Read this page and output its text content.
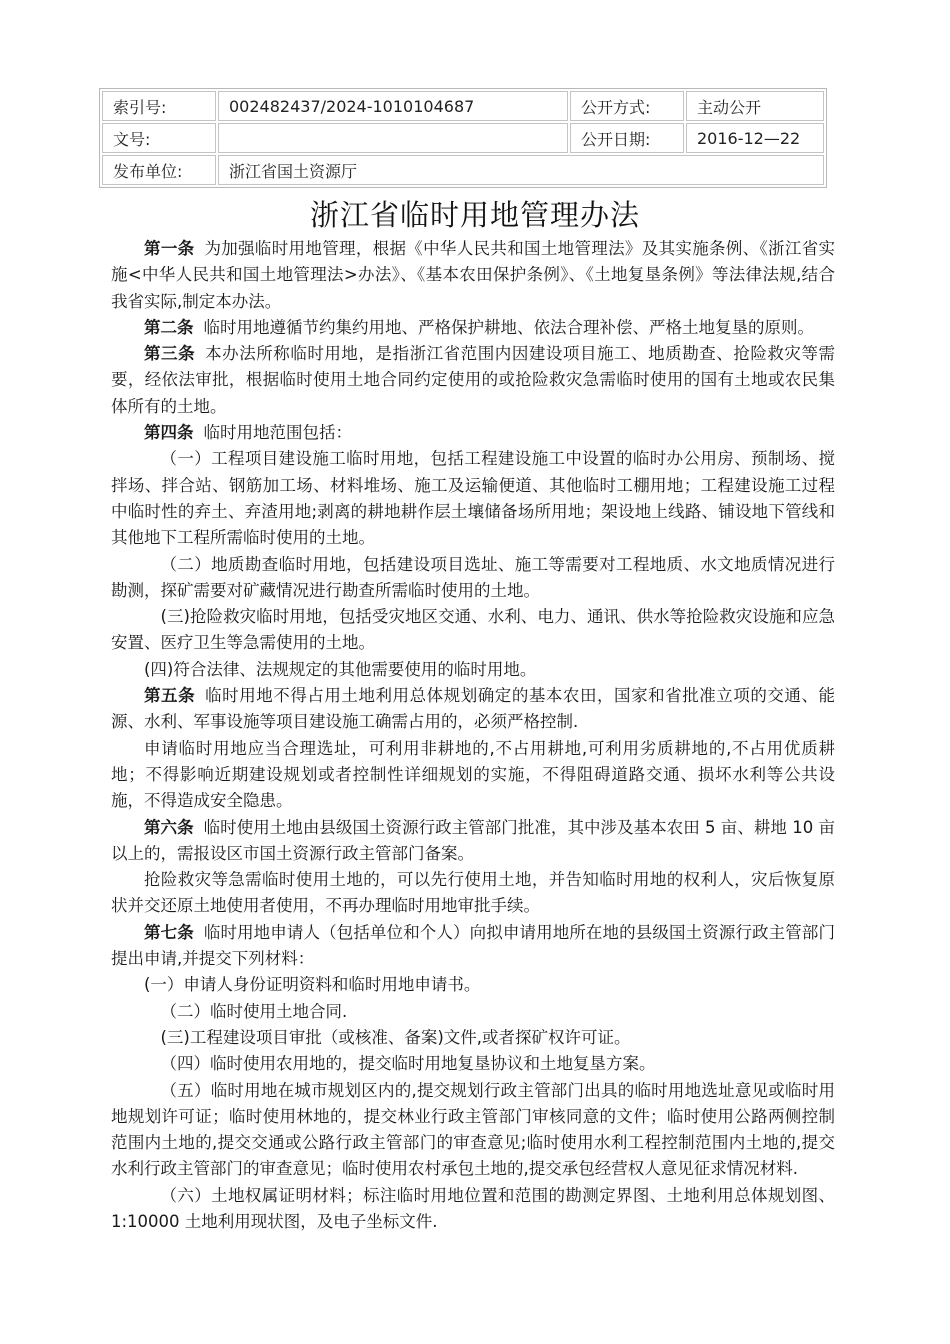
索引号:	002482437/2024-1010104687	公开方式:	主动公开
文号:		公开日期:	2016-12—22
发布单位:	浙江省国土资源厅		
浙江省临时用地管理办法

第一条 为加强临时用地管理，根据《中华人民共和国土地管理法》及其实施条例、《浙江省实施<中华人民共和国土地管理法>办法》、《基本农田保护条例》、《土地复垦条例》等法律法规,结合我省实际,制定本办法。

第二条 临时用地遵循节约集约用地、严格保护耕地、依法合理补偿、严格土地复垦的原则。

第三条 本办法所称临时用地，是指浙江省范围内因建设项目施工、地质勘查、抢险救灾等需要，经依法审批，根据临时使用土地合同约定使用的或抢险救灾急需临时使用的国有土地或农民集体所有的土地。

第四条 临时用地范围包括：

（一）工程项目建设施工临时用地，包括工程建设施工中设置的临时办公用房、预制场、搅拌场、拌合站、钢筋加工场、材料堆场、施工及运输便道、其他临时工棚用地；工程建设施工过程中临时性的弃土、弃渣用地;剥离的耕地耕作层土壤储备场所用地；架设地上线路、铺设地下管线和其他地下工程所需临时使用的土地。

（二）地质勘查临时用地，包括建设项目选址、施工等需要对工程地质、水文地质情况进行勘测，探矿需要对矿藏情况进行勘查所需临时使用的土地。

(三)抢险救灾临时用地，包括受灾地区交通、水利、电力、通讯、供水等抢险救灾设施和应急安置、医疗卫生等急需使用的土地。

(四)符合法律、法规规定的其他需要使用的临时用地。

第五条 临时用地不得占用土地利用总体规划确定的基本农田，国家和省批准立项的交通、能源、水利、军事设施等项目建设施工确需占用的，必须严格控制.

申请临时用地应当合理选址，可利用非耕地的,不占用耕地,可利用劣质耕地的,不占用优质耕地；不得影响近期建设规划或者控制性详细规划的实施，不得阻碍道路交通、损坏水利等公共设施，不得造成安全隐患。

第六条 临时使用土地由县级国土资源行政主管部门批准，其中涉及基本农田 5 亩、耕地 10 亩以上的，需报设区市国土资源行政主管部门备案。

抢险救灾等急需临时使用土地的，可以先行使用土地，并告知临时用地的权利人，灾后恢复原状并交还原土地使用者使用，不再办理临时用地审批手续。

第七条 临时用地申请人（包括单位和个人）向拟申请用地所在地的县级国土资源行政主管部门提出申请,并提交下列材料：

(一）申请人身份证明资料和临时用地申请书。

（二）临时使用土地合同.

(三)工程建设项目审批（或核准、备案)文件,或者探矿权许可证。

（四）临时使用农用地的，提交临时用地复垦协议和土地复垦方案。

（五）临时用地在城市规划区内的,提交规划行政主管部门出具的临时用地选址意见或临时用地规划许可证；临时使用林地的，提交林业行政主管部门审核同意的文件；临时使用公路两侧控制范围内土地的,提交交通或公路行政主管部门的审查意见;临时使用水利工程控制范围内土地的,提交水利行政主管部门的审查意见；临时使用农村承包土地的,提交承包经营权人意见征求情况材料.

（六）土地权属证明材料；标注临时用地位置和范围的勘测定界图、土地利用总体规划图、1:10000 土地利用现状图，及电子坐标文件.
